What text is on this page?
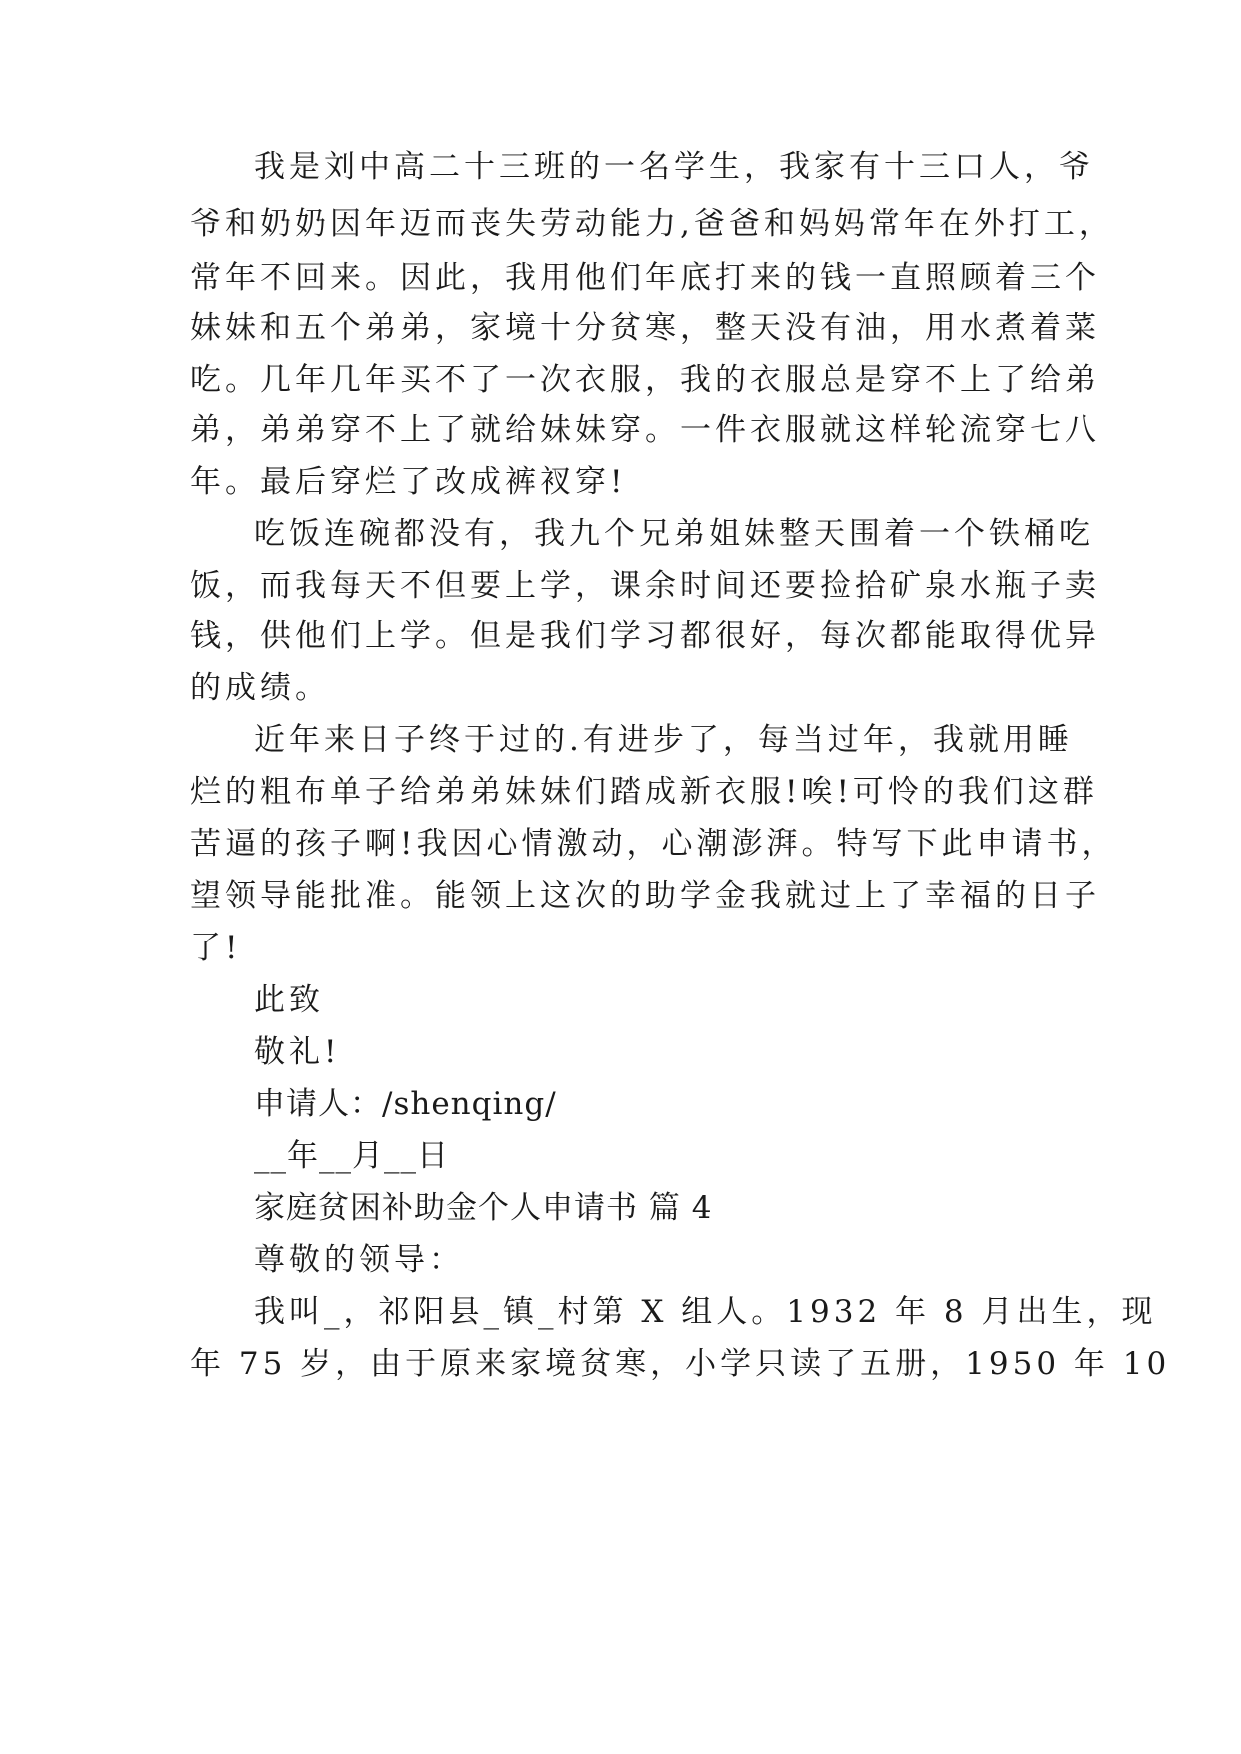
我是刘中高二十三班的一名学生，我家有十三口人，爷
爷和奶奶因年迈而丧失劳动能力,爸爸和妈妈常年在外打工，
常年不回来。因此，我用他们年底打来的钱一直照顾着三个
妹妹和五个弟弟，家境十分贫寒，整天没有油，用水煮着菜
吃。几年几年买不了一次衣服，我的衣服总是穿不上了给弟
弟，弟弟穿不上了就给妹妹穿。一件衣服就这样轮流穿七八
年。最后穿烂了改成裤衩穿!
吃饭连碗都没有，我九个兄弟姐妹整天围着一个铁桶吃
饭，而我每天不但要上学，课余时间还要捡拾矿泉水瓶子卖
钱，供他们上学。但是我们学习都很好，每次都能取得优异
的成绩。
近年来日子终于过的.有进步了，每当过年，我就用睡
烂的粗布单子给弟弟妹妹们踏成新衣服!唉!可怜的我们这群
苦逼的孩子啊!我因心情激动，心潮澎湃。特写下此申请书，
望领导能批准。能领上这次的助学金我就过上了幸福的日子
了!
此致
敬礼!
申请人：/shenqing/
__年__月__日
家庭贫困补助金个人申请书 篇 4
尊敬的领导：
我叫_，祁阳县_镇_村第 X 组人。1932 年 8 月出生，现
年 75 岁，由于原来家境贫寒，小学只读了五册，1950 年 10
